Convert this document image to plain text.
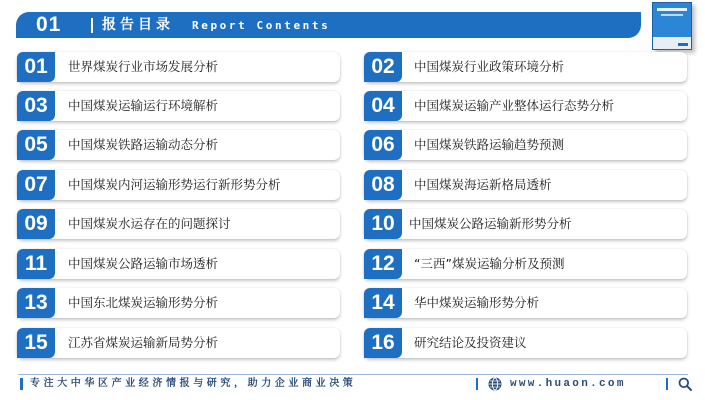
01	报告目录 Report Contents
01	世界煤炭行业市场发展分析
03	中国煤炭运输运行环境解析
05	中国煤炭铁路运输动态分析
07	中国煤炭内河运输形势运行新形势分析
09	中国煤炭水运存在的问题探讨
11	中国煤炭公路运输市场透析
13	中国东北煤炭运输形势分析
15	江苏省煤炭运输新局势分析
02	中国煤炭行业政策环境分析
04	中国煤炭运输产业整体运行态势分析
06	中国煤炭铁路运输趋势预测
08	中国煤炭海运新格局透析
10	中国煤炭公路运输新形势分析
12	“三西”煤炭运输分析及预测
14	华中煤炭运输形势分析
16	研究结论及投资建议
专注大中华区产业经济情报与研究，助力企业商业决策	www.huaon.com
